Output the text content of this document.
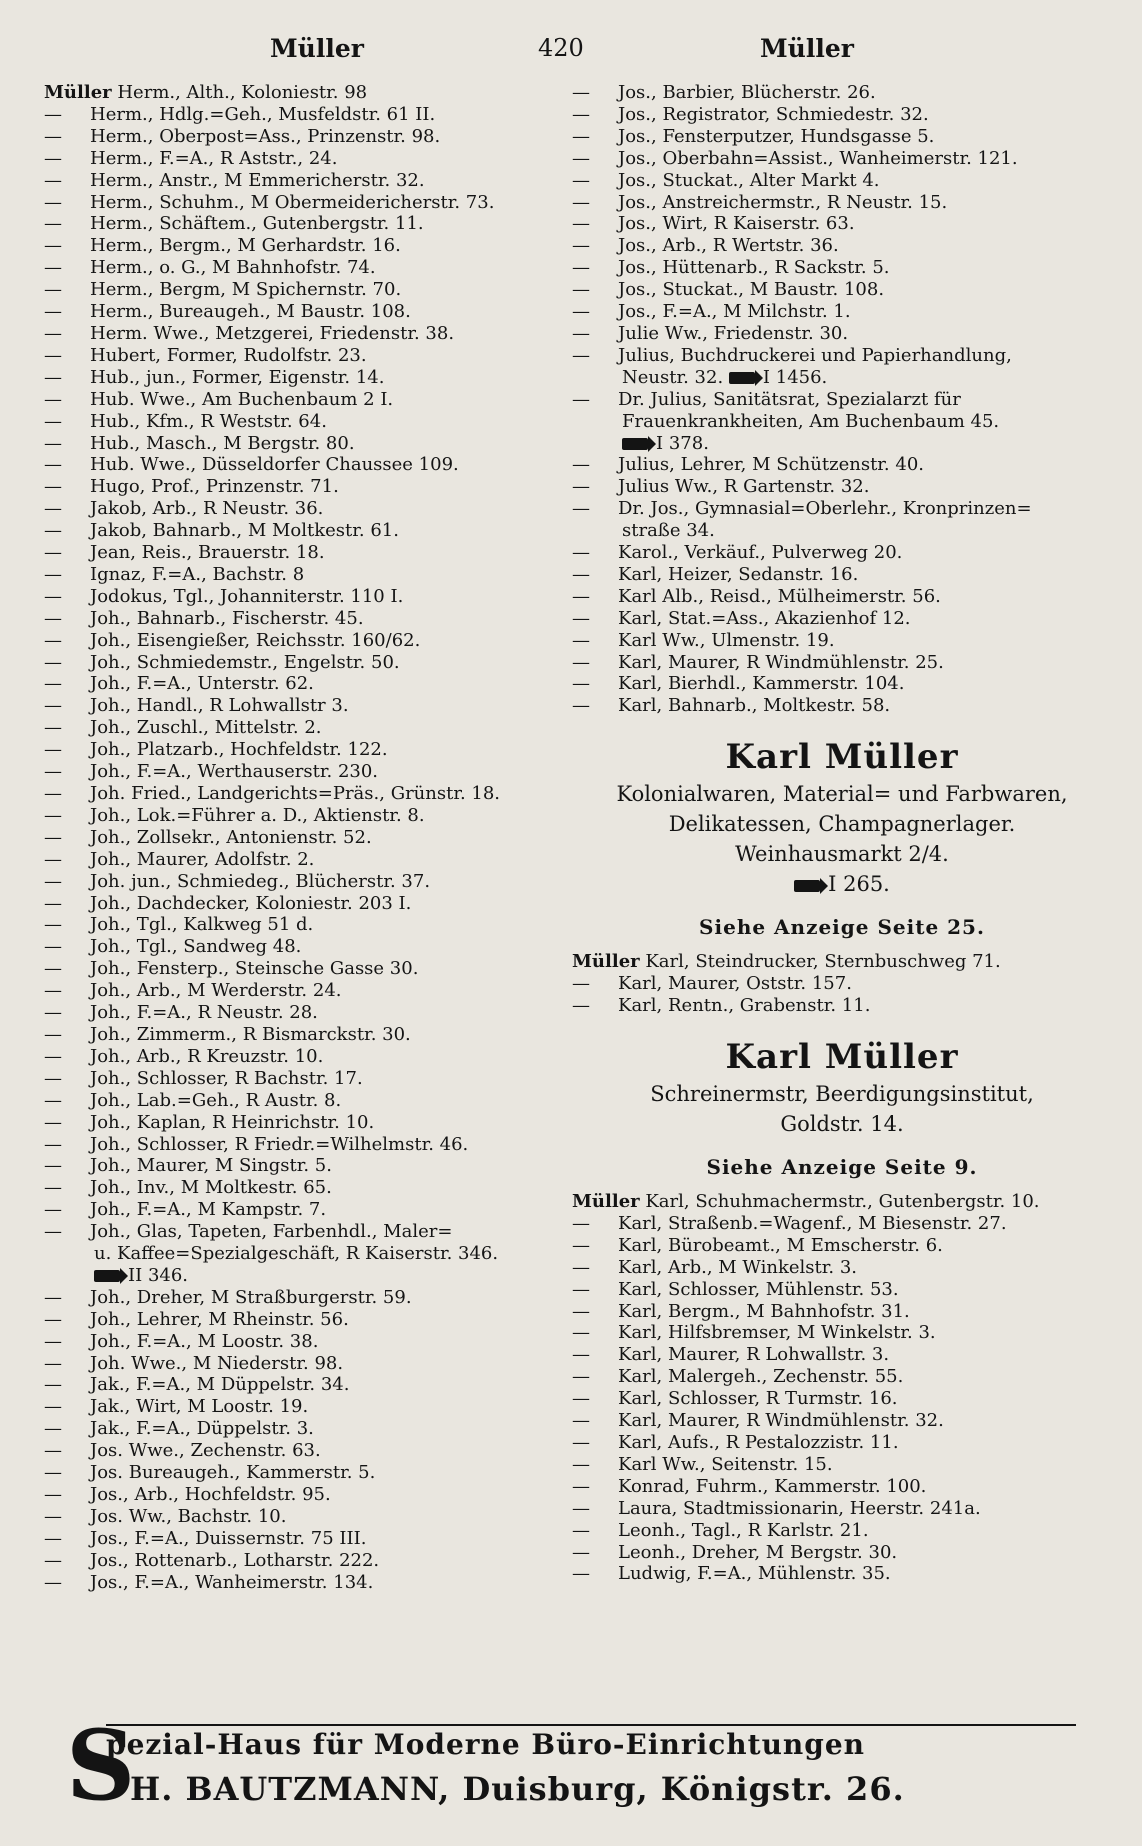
Müller	420	Müller
Müller Herm., Alth., Koloniestr. 98
— Herm., Hdlg.=Geh., Musfeldstr. 61 II.
— Herm., Oberpost=Ass., Prinzenstr. 98.
— Herm., F.=A., R Aststr., 24.
— Herm., Anstr., M Emmericherstr. 32.
— Herm., Schuhm., M Obermeidericherstr. 73.
— Herm., Schäftem., Gutenbergstr. 11.
— Herm., Bergm., M Gerhardstr. 16.
— Herm., o. G., M Bahnhofstr. 74.
— Herm., Bergm, M Spichernstr. 70.
— Herm., Bureaugeh., M Baustr. 108.
— Herm. Wwe., Metzgerei, Friedenstr. 38.
— Hubert, Former, Rudolfstr. 23.
— Hub., jun., Former, Eigenstr. 14.
— Hub. Wwe., Am Buchenbaum 2 I.
— Hub., Kfm., R Weststr. 64.
— Hub., Masch., M Bergstr. 80.
— Hub. Wwe., Düsseldorfer Chaussee 109.
— Hugo, Prof., Prinzenstr. 71.
— Jakob, Arb., R Neustr. 36.
— Jakob, Bahnarb., M Moltkestr. 61.
— Jean, Reis., Brauerstr. 18.
— Ignaz, F.=A., Bachstr. 8
— Jodokus, Tgl., Johanniterstr. 110 I.
— Joh., Bahnarb., Fischerstr. 45.
— Joh., Eisengießer, Reichsstr. 160/62.
— Joh., Schmiedemstr., Engelstr. 50.
— Joh., F.=A., Unterstr. 62.
— Joh., Handl., R Lohwallstr 3.
— Joh., Zuschl., Mittelstr. 2.
— Joh., Platzarb., Hochfeldstr. 122.
— Joh., F.=A., Werthauserstr. 230.
— Joh. Fried., Landgerichts=Präs., Grünstr. 18.
— Joh., Lok.=Führer a. D., Aktienstr. 8.
— Joh., Zollsekr., Antonienstr. 52.
— Joh., Maurer, Adolfstr. 2.
— Joh. jun., Schmiedeg., Blücherstr. 37.
— Joh., Dachdecker, Koloniestr. 203 I.
— Joh., Tgl., Kalkweg 51 d.
— Joh., Tgl., Sandweg 48.
— Joh., Fensterp., Steinsche Gasse 30.
— Joh., Arb., M Werderstr. 24.
— Joh., F.=A., R Neustr. 28.
— Joh., Zimmerm., R Bismarckstr. 30.
— Joh., Arb., R Kreuzstr. 10.
— Joh., Schlosser, R Bachstr. 17.
— Joh., Lab.=Geh., R Austr. 8.
— Joh., Kaplan, R Heinrichstr. 10.
— Joh., Schlosser, R Friedr.=Wilhelmstr. 46.
— Joh., Maurer, M Singstr. 5.
— Joh., Inv., M Moltkestr. 65.
— Joh., F.=A., M Kampstr. 7.
— Joh., Glas, Tapeten, Farbenhdl., Maler=
u. Kaffee=Spezialgeschäft, R Kaiserstr. 346.
II 346.
— Joh., Dreher, M Straßburgerstr. 59.
— Joh., Lehrer, M Rheinstr. 56.
— Joh., F.=A., M Loostr. 38.
— Joh. Wwe., M Niederstr. 98.
— Jak., F.=A., M Düppelstr. 34.
— Jak., Wirt, M Loostr. 19.
— Jak., F.=A., Düppelstr. 3.
— Jos. Wwe., Zechenstr. 63.
— Jos. Bureaugeh., Kammerstr. 5.
— Jos., Arb., Hochfeldstr. 95.
— Jos. Ww., Bachstr. 10.
— Jos., F.=A., Duissernstr. 75 III.
— Jos., Rottenarb., Lotharstr. 222.
— Jos., F.=A., Wanheimerstr. 134.
— Jos., Barbier, Blücherstr. 26.
— Jos., Registrator, Schmiedestr. 32.
— Jos., Fensterputzer, Hundsgasse 5.
— Jos., Oberbahn=Assist., Wanheimerstr. 121.
— Jos., Stuckat., Alter Markt 4.
— Jos., Anstreichermstr., R Neustr. 15.
— Jos., Wirt, R Kaiserstr. 63.
— Jos., Arb., R Wertstr. 36.
— Jos., Hüttenarb., R Sackstr. 5.
— Jos., Stuckat., M Baustr. 108.
— Jos., F.=A., M Milchstr. 1.
— Julie Ww., Friedenstr. 30.
— Julius, Buchdruckerei und Papierhandlung,
Neustr. 32. I 1456.
— Dr. Julius, Sanitätsrat, Spezialarzt für
Frauenkrankheiten, Am Buchenbaum 45.
I 378.
— Julius, Lehrer, M Schützenstr. 40.
— Julius Ww., R Gartenstr. 32.
— Dr. Jos., Gymnasial=Oberlehr., Kronprinzen=
straße 34.
— Karol., Verkäuf., Pulverweg 20.
— Karl, Heizer, Sedanstr. 16.
— Karl Alb., Reisd., Mülheimerstr. 56.
— Karl, Stat.=Ass., Akazienhof 12.
— Karl Ww., Ulmenstr. 19.
— Karl, Maurer, R Windmühlenstr. 25.
— Karl, Bierhdl., Kammerstr. 104.
— Karl, Bahnarb., Moltkestr. 58.
Karl Müller
Kolonialwaren, Material= und Farbwaren,
Delikatessen, Champagnerlager.
Weinhausmarkt 2/4.
I 265.
Siehe Anzeige Seite 25.
Müller Karl, Steindrucker, Sternbuschweg 71.
— Karl, Maurer, Oststr. 157.
— Karl, Rentn., Grabenstr. 11.
Karl Müller
Schreinermstr, Beerdigungsinstitut,
Goldstr. 14.
Siehe Anzeige Seite 9.
Müller Karl, Schuhmachermstr., Gutenbergstr. 10.
— Karl, Straßenb.=Wagenf., M Biesenstr. 27.
— Karl, Bürobeamt., M Emscherstr. 6.
— Karl, Arb., M Winkelstr. 3.
— Karl, Schlosser, Mühlenstr. 53.
— Karl, Bergm., M Bahnhofstr. 31.
— Karl, Hilfsbremser, M Winkelstr. 3.
— Karl, Maurer, R Lohwallstr. 3.
— Karl, Malergeh., Zechenstr. 55.
— Karl, Schlosser, R Turmstr. 16.
— Karl, Maurer, R Windmühlenstr. 32.
— Karl, Aufs., R Pestalozzistr. 11.
— Karl Ww., Seitenstr. 15.
— Konrad, Fuhrm., Kammerstr. 100.
— Laura, Stadtmissionarin, Heerstr. 241a.
— Leonh., Tagl., R Karlstr. 21.
— Leonh., Dreher, M Bergstr. 30.
— Ludwig, F.=A., Mühlenstr. 35.
S
pezial-Haus für Moderne Büro-Einrichtungen
H. BAUTZMANN, Duisburg, Königstr. 26.
